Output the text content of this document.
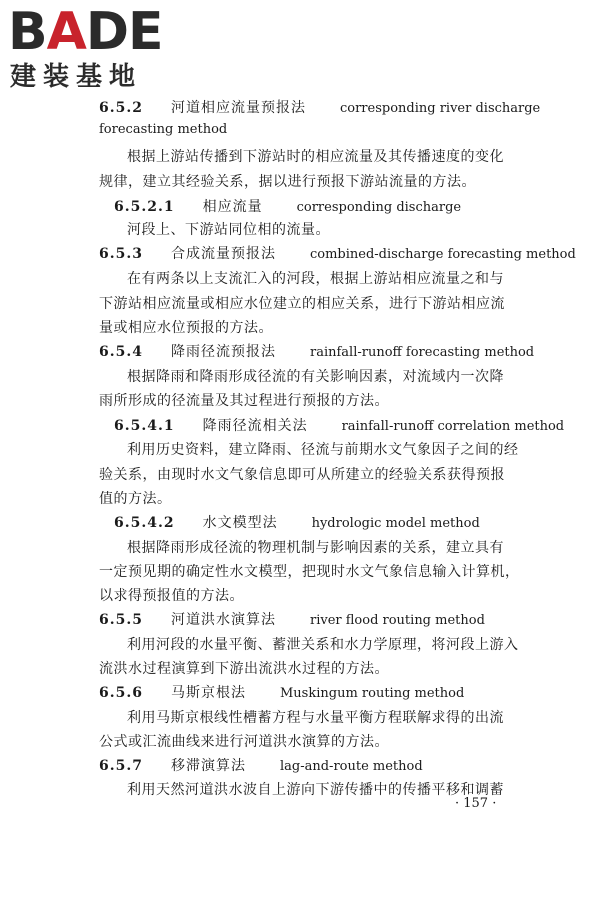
BADE
建装基地
6.5.2 河道相应流量预报法	corresponding river discharge
forecasting method
根据上游站传播到下游站时的相应流量及其传播速度的变化
规律，建立其经验关系，据以进行预报下游站流量的方法。
6.5.2.1 相应流量	corresponding discharge
河段上、下游站同位相的流量。
6.5.3 合成流量预报法	combined-discharge forecasting method
在有两条以上支流汇入的河段，根据上游站相应流量之和与
下游站相应流量或相应水位建立的相应关系，进行下游站相应流
量或相应水位预报的方法。
6.5.4 降雨径流预报法	rainfall-runoff forecasting method
根据降雨和降雨形成径流的有关影响因素，对流域内一次降
雨所形成的径流量及其过程进行预报的方法。
6.5.4.1 降雨径流相关法	rainfall-runoff correlation method
利用历史资料，建立降雨、径流与前期水文气象因子之间的经
验关系，由现时水文气象信息即可从所建立的经验关系获得预报
值的方法。
6.5.4.2 水文模型法	hydrologic model method
根据降雨形成径流的物理机制与影响因素的关系，建立具有
一定预见期的确定性水文模型，把现时水文气象信息输入计算机，
以求得预报值的方法。
6.5.5 河道洪水演算法	river flood routing method
利用河段的水量平衡、蓄泄关系和水力学原理，将河段上游入
流洪水过程演算到下游出流洪水过程的方法。
6.5.6 马斯京根法	Muskingum routing method
利用马斯京根线性槽蓄方程与水量平衡方程联解求得的出流
公式或汇流曲线来进行河道洪水演算的方法。
6.5.7 移滞演算法	lag-and-route method
利用天然河道洪水波自上游向下游传播中的传播平移和调蓄
· 157 ·
